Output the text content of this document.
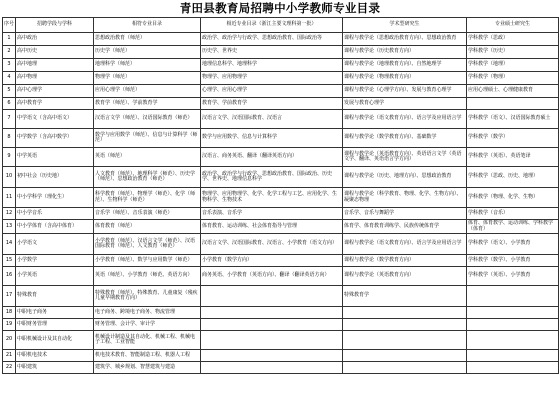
青田县教育局招聘中小学教师专业目录
序号	招聘学段与学科	相符专业目录	相近专业目录（浙江主要文理科第一批）	学术型研究生	专业硕士研究生
1	高中政治	思想政治教育（师范）	政治学、政治学与行政学、思想政治教育、国际政治等	课程与教学论（思想政治教育方向）、思想政治教育	学科教学（思政）
2	高中历史	历史学（师范）	历史学、世界史	课程与教学论（历史教育方向）	学科教学（历史）
3	高中地理	地理科学（师范）	地理信息科学、地理科学	课程与教学论（地理教育方向）、自然地理学	学科教学（地理）
4	高中物理	物理学（师范）	物理学、应用物理学	课程与教学论（物理教育方向）	学科教学（物理）
5	高中心理学	应用心理学（师范）	心理学、应用心理学	课程与教学论（心理学方向）、发展与教育心理学	应用心理硕士、心理健康教育
6	高中教育学	教育学（师范）、学前教育学	教育学、学前教育学	发展与教育心理学	
7	中学语文（含高中语文）	汉语言文学（师范）、汉语国际教育（师范）	汉语言文学、汉语国际教育、汉语言	课程与教学论（语文教育方向）、语言学及应用语言学	学科教学（语文）、汉语国际教育硕士
8	中学数学（含高中数学）	数学与应用数学（师范）、信息与计算科学（师范）	数学与应用数学、信息与计算科学	课程与教学论（数学教育方向）、基础数学	学科教学（数学）
9	中学英语	英语（师范）	汉语言、商务英语、翻译（翻译英语方向）	课程与教学论（英语教育方向）、英语语言文学（英语文学、翻译、英语语言学方向）	学科教学（英语）、英语笔译
10	初中社会（历史地）	人文教育（师范）、地理科学（师范）、历史学（师范）、思想政治教育（师范）	政治学、政治学与行政学、思想政治教育、国际政治、历史学、世界史、地理信息科学	课程与教学论（历史、地理方向）、思想政治教育	学科教学（思政、历史、地理）
11	中小学科学（理化生）	科学教育（师范）、物理学（师范）、化学（师范）、生物科学（师范）	物理学、应用物理学、化学、化学工程与工艺、应用化学、生物科学、生物技术	课程与教学论（科学教育、物理、化学、生物方向）、凝聚态物理	学科教学（物理、化学、生物）
12	中小学音乐	音乐学（师范）、音乐表演（师范）	音乐表演、音乐学	音乐学、音乐与舞蹈学	学科教学（音乐）
13	中小学体育（含高中体育）	体育教育（师范）	体育教育、运动训练、社会体育指导与管理	体育学、体育教育训练学、民族传统体育学	体育、体育教学、运动训练、学科教学（体育）
14	小学语文	小学教育（师范）、汉语言文学（师范）、汉语国际教育（师范）、人文教育（师范）	汉语言文学、汉语国际教育、汉语言、小学教育（语文方向）	课程与教学论（语文教育方向）、语言学及应用语言学	学科教学（语文）、小学教育
15	小学数学	小学教育（师范）、数学与应用数学（师范）	小学教育（数学方向）	课程与教学论（数学教育方向）	学科教学（数学）、小学教育
16	小学英语	英语（师范）、小学教育（师范、英语方向）	商务英语、小学教育（英语方向）、翻译（翻译英语方向）	课程与教学论（英语教育方向）	学科教学（英语）、小学教育
17	特殊教育	特殊教育（师范）、特殊教育、儿童康复（残疾儿童早期教育方向）		特殊教育学	
18	中职电子商务	电子商务、跨境电子商务、物流管理			
19	中职财务管理	财务管理、会计学、审计学			
20	中职机械设计及其自动化	机械设计制造及其自动化、机械工程、机械电子工程、工业智能			
21	中职机电技术	机电技术教育、智能制造工程、机器人工程			
22	中职建筑	建筑学、城乡规划、智慧建筑与建造			
